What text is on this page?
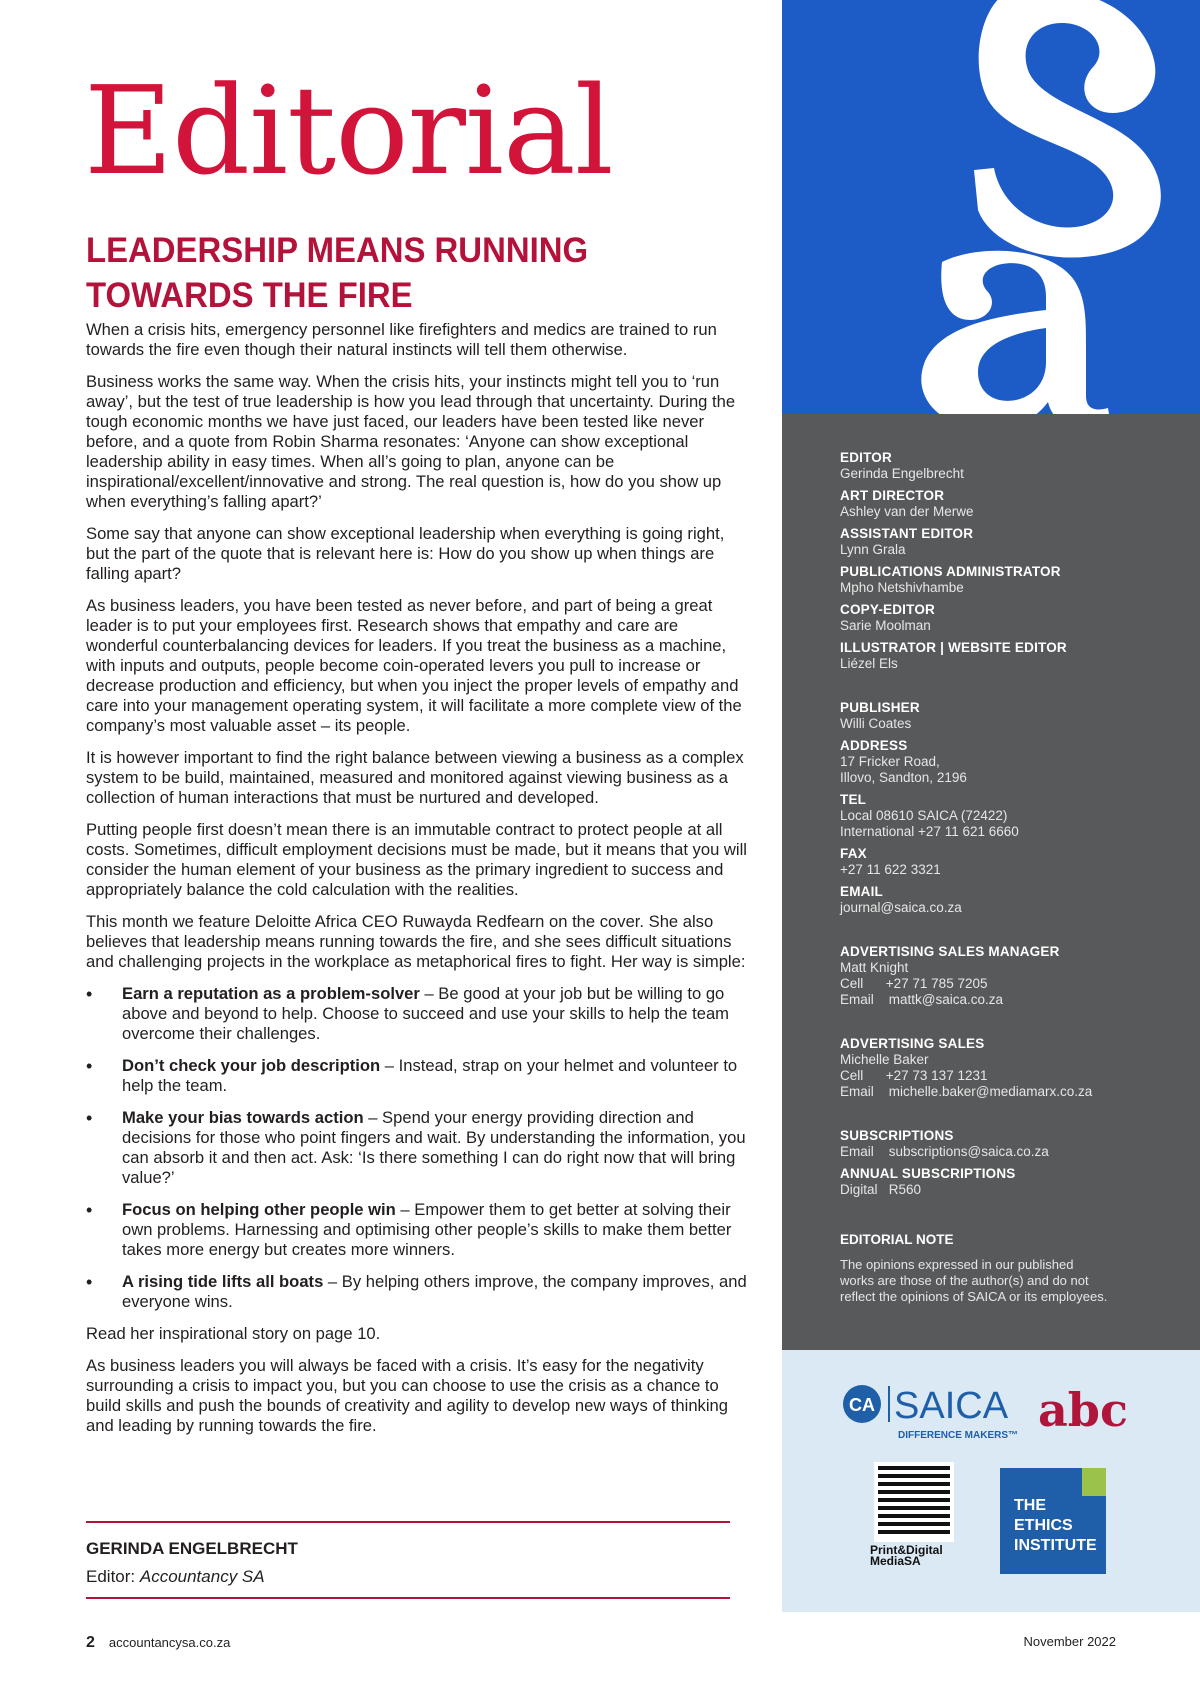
Editorial
LEADERSHIP MEANS RUNNING
TOWARDS THE FIRE

When a crisis hits, emergency personnel like firefighters and medics are trained to run towards the fire even though their natural instincts will tell them otherwise.

Business works the same way. When the crisis hits, your instincts might tell you to ‘run away’, but the test of true leadership is how you lead through that uncertainty. During the tough economic months we have just faced, our leaders have been tested like never before, and a quote from Robin Sharma resonates: ‘Anyone can show exceptional leadership ability in easy times. When all’s going to plan, anyone can be inspirational/excellent/innovative and strong. The real question is, how do you show up when everything’s falling apart?’

Some say that anyone can show exceptional leadership when everything is going right, but the part of the quote that is relevant here is: How do you show up when things are falling apart?

As business leaders, you have been tested as never before, and part of being a great leader is to put your employees first. Research shows that empathy and care are wonderful counterbalancing devices for leaders. If you treat the business as a machine, with inputs and outputs, people become coin-operated levers you pull to increase or decrease production and efficiency, but when you inject the proper levels of empathy and care into your management operating system, it will facilitate a more complete view of the company’s most valuable asset – its people.

It is however important to find the right balance between viewing a business as a complex system to be build, maintained, measured and monitored against viewing business as a collection of human interactions that must be nurtured and developed.

Putting people first doesn’t mean there is an immutable contract to protect people at all costs. Sometimes, difficult employment decisions must be made, but it means that you will consider the human element of your business as the primary ingredient to success and appropriately balance the cold calculation with the realities.

This month we feature Deloitte Africa CEO Ruwayda Redfearn on the cover. She also believes that leadership means running towards the fire, and she sees difficult situations and challenging projects in the workplace as metaphorical fires to fight. Her way is simple:

• Earn a reputation as a problem-solver – Be good at your job but be willing to go above and beyond to help. Choose to succeed and use your skills to help the team overcome their challenges.
• Don’t check your job description – Instead, strap on your helmet and volunteer to help the team.
• Make your bias towards action – Spend your energy providing direction and decisions for those who point fingers and wait. By understanding the information, you can absorb it and then act. Ask: ‘Is there something I can do right now that will bring value?’
• Focus on helping other people win – Empower them to get better at solving their own problems. Harnessing and optimising other people’s skills to make them better takes more energy but creates more winners.
• A rising tide lifts all boats – By helping others improve, the company improves, and everyone wins.

Read her inspirational story on page 10.

As business leaders you will always be faced with a crisis. It’s easy for the negativity surrounding a crisis to impact you, but you can choose to use the crisis as a chance to build skills and push the bounds of creativity and agility to develop new ways of thinking and leading by running towards the fire.

GERINDA ENGELBRECHT

Editor: Accountancy SA

2 accountancysa.co.za	November 2022
EDITOR
Gerinda Engelbrecht
ART DIRECTOR
Ashley van der Merwe
ASSISTANT EDITOR
Lynn Grala
PUBLICATIONS ADMINISTRATOR
Mpho Netshivhambe
COPY-EDITOR
Sarie Moolman
ILLUSTRATOR | WEBSITE EDITOR
Liézel Els
PUBLISHER
Willi Coates
ADDRESS
17 Fricker Road,
Illovo, Sandton, 2196
TEL
Local 08610 SAICA (72422)
International +27 11 621 6660
FAX
+27 11 622 3321
EMAIL
journal@saica.co.za
ADVERTISING SALES MANAGER
Matt Knight
Cell      +27 71 785 7205
Email    mattk@saica.co.za
ADVERTISING SALES
Michelle Baker
Cell      +27 73 137 1231
Email    michelle.baker@mediamarx.co.za
SUBSCRIPTIONS
Email    subscriptions@saica.co.za
ANNUAL SUBSCRIPTIONS
Digital   R560
EDITORIAL NOTE
The opinions expressed in our published works are those of the author(s) and do not reflect the opinions of SAICA or its employees.
CA SAICA
DIFFERENCE MAKERS™ abc
Print&Digital
MediaSA
THE
ETHICS
INSTITUTE
